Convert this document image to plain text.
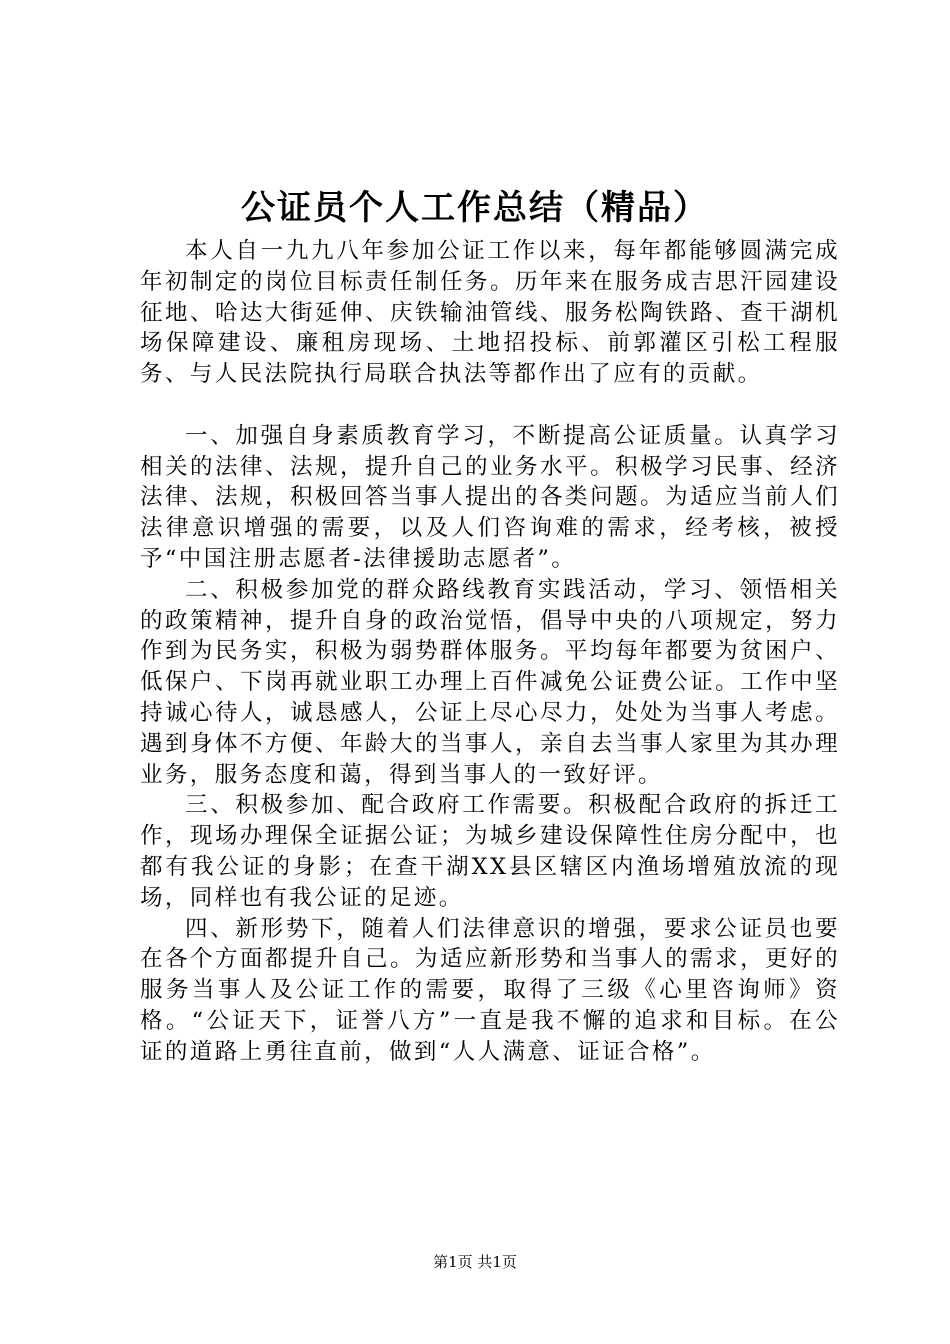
公证员个人工作总结（精品）

本人自一九九八年参加公证工作以来，每年都能够圆满完成年初制定的岗位目标责任制任务。历年来在服务成吉思汗园建设征地、哈达大街延伸、庆铁输油管线、服务松陶铁路、查干湖机场保障建设、廉租房现场、土地招投标、前郭灌区引松工程服务、与人民法院执行局联合执法等都作出了应有的贡献。

一、加强自身素质教育学习，不断提高公证质量。认真学习相关的法律、法规，提升自己的业务水平。积极学习民事、经济法律、法规，积极回答当事人提出的各类问题。为适应当前人们法律意识增强的需要，以及人们咨询难的需求，经考核，被授予“中国注册志愿者-法律援助志愿者”。

二、积极参加党的群众路线教育实践活动，学习、领悟相关的政策精神，提升自身的政治觉悟，倡导中央的八项规定，努力作到为民务实，积极为弱势群体服务。平均每年都要为贫困户、低保户、下岗再就业职工办理上百件减免公证费公证。工作中坚持诚心待人，诚恳感人，公证上尽心尽力，处处为当事人考虑。遇到身体不方便、年龄大的当事人，亲自去当事人家里为其办理业务，服务态度和蔼，得到当事人的一致好评。

三、积极参加、配合政府工作需要。积极配合政府的拆迁工作，现场办理保全证据公证；为城乡建设保障性住房分配中，也都有我公证的身影；在查干湖XX县区辖区内渔场增殖放流的现场，同样也有我公证的足迹。

四、新形势下，随着人们法律意识的增强，要求公证员也要在各个方面都提升自己。为适应新形势和当事人的需求，更好的服务当事人及公证工作的需要，取得了三级《心里咨询师》资格。“公证天下，证誉八方”一直是我不懈的追求和目标。在公证的道路上勇往直前，做到“人人满意、证证合格”。

第1页 共1页
